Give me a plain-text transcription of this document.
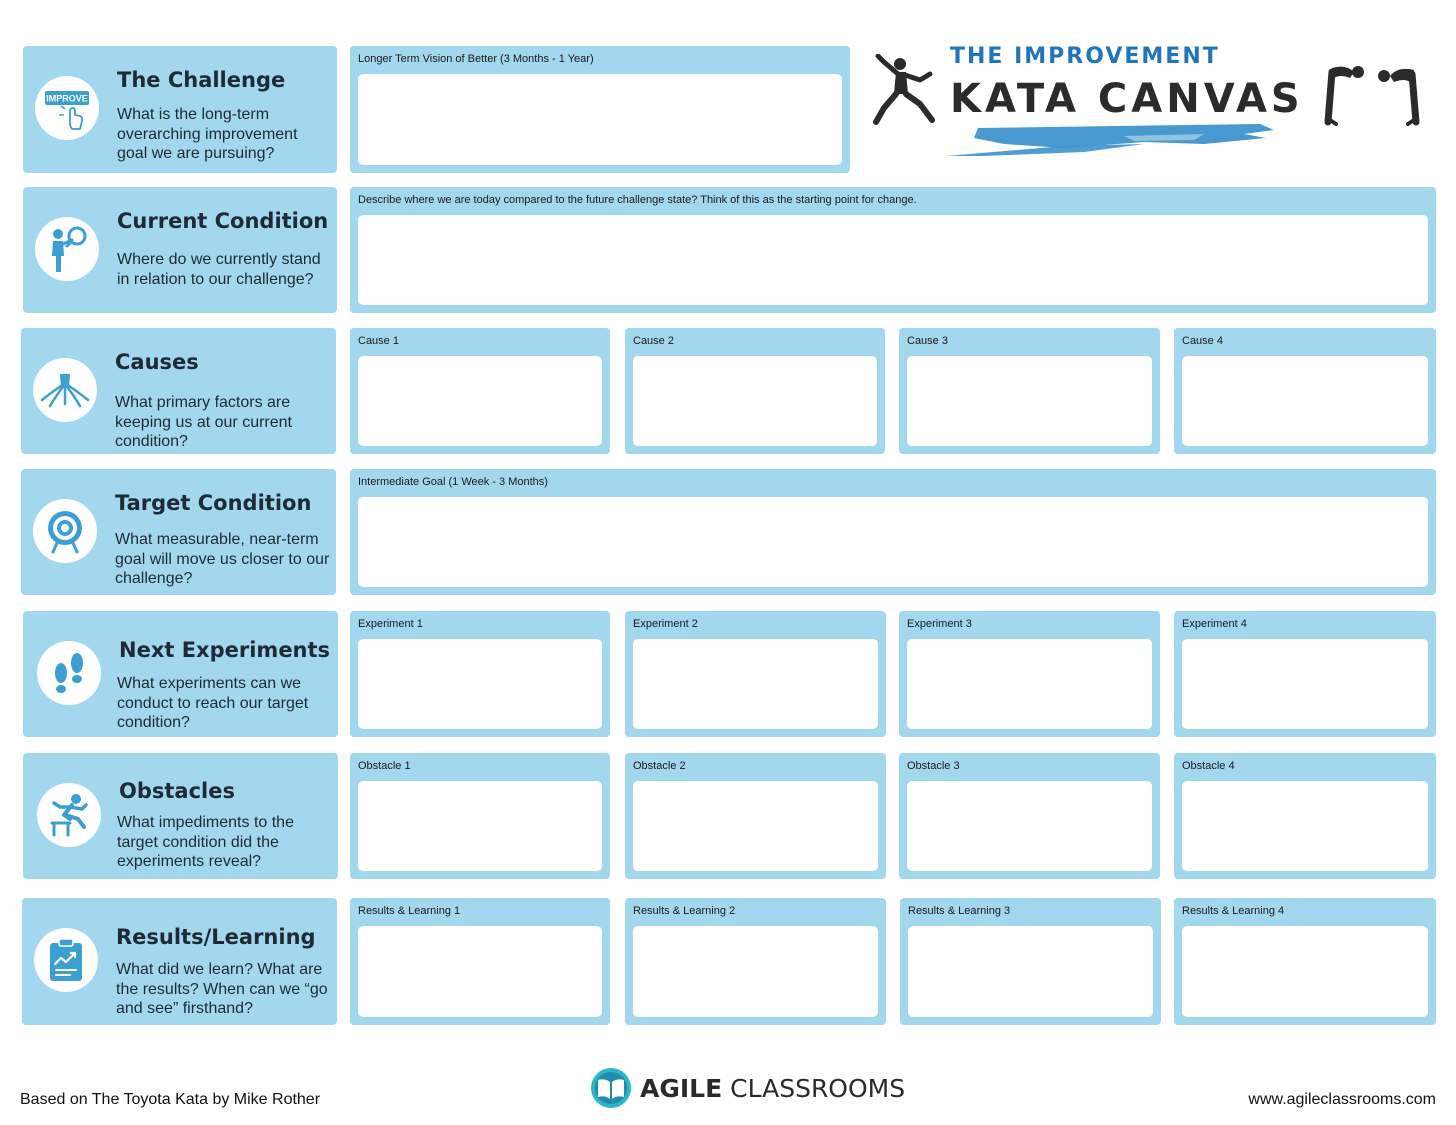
THE IMPROVEMENT
KATA CANVAS
IMPROVE
The Challenge
What is the long-term overarching improvement goal we are pursuing?
Longer Term Vision of Better (3 Months - 1 Year)
Current Condition
Where do we currently stand in relation to our challenge?
Describe where we are today compared to the future challenge state? Think of this as the starting point for change.
Causes
What primary factors are keeping us at our current condition?
Cause 1	Cause 2	Cause 3	Cause 4
Target Condition
What measurable, near-term goal will move us closer to our challenge?
Intermediate Goal (1 Week - 3 Months)
Next Experiments
What experiments can we conduct to reach our target condition?
Experiment 1	Experiment 2	Experiment 3	Experiment 4
Obstacles
What impediments to the target condition did the experiments reveal?
Obstacle 1	Obstacle 2	Obstacle 3	Obstacle 4
Results/Learning
What did we learn? What are the results? When can we “go and see” firsthand?
Results & Learning 1	Results & Learning 2	Results & Learning 3	Results & Learning 4
Based on The Toyota Kata by Mike Rother	AGILE CLASSROOMS	www.agileclassrooms.com
